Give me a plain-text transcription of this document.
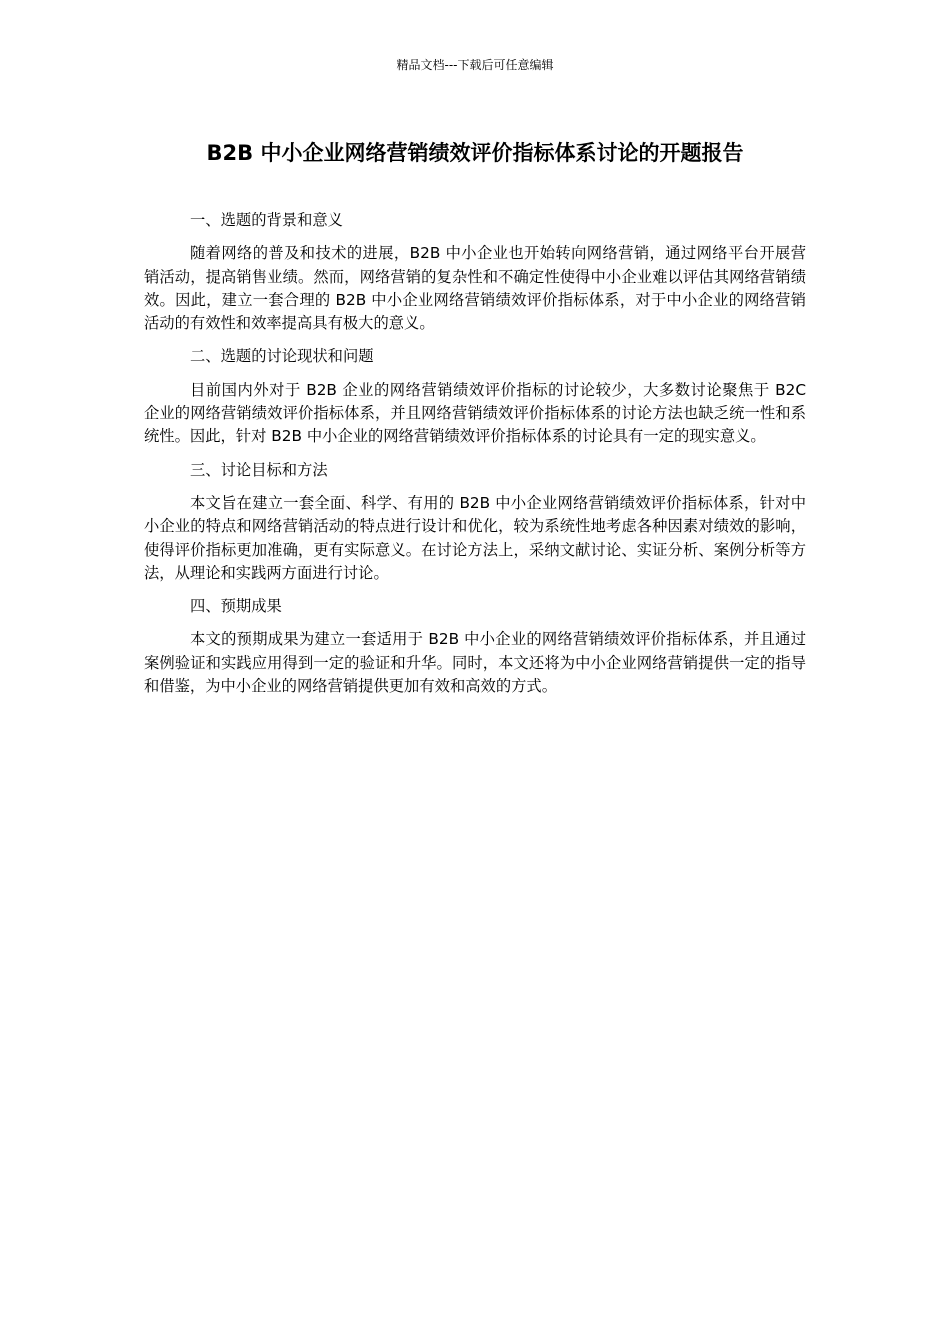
精品文档---下载后可任意编辑
B2B 中小企业网络营销绩效评价指标体系讨论的开题报告

一、选题的背景和意义

随着网络的普及和技术的进展，B2B 中小企业也开始转向网络营销，通过网络平台开展营销活动，提高销售业绩。然而，网络营销的复杂性和不确定性使得中小企业难以评估其网络营销绩效。因此，建立一套合理的 B2B 中小企业网络营销绩效评价指标体系，对于中小企业的网络营销活动的有效性和效率提高具有极大的意义。

二、选题的讨论现状和问题

目前国内外对于 B2B 企业的网络营销绩效评价指标的讨论较少，大多数讨论聚焦于 B2C 企业的网络营销绩效评价指标体系，并且网络营销绩效评价指标体系的讨论方法也缺乏统一性和系统性。因此，针对 B2B 中小企业的网络营销绩效评价指标体系的讨论具有一定的现实意义。

三、讨论目标和方法

本文旨在建立一套全面、科学、有用的 B2B 中小企业网络营销绩效评价指标体系，针对中小企业的特点和网络营销活动的特点进行设计和优化，较为系统性地考虑各种因素对绩效的影响，使得评价指标更加准确，更有实际意义。在讨论方法上，采纳文献讨论、实证分析、案例分析等方法，从理论和实践两方面进行讨论。

四、预期成果

本文的预期成果为建立一套适用于 B2B 中小企业的网络营销绩效评价指标体系，并且通过案例验证和实践应用得到一定的验证和升华。同时，本文还将为中小企业网络营销提供一定的指导和借鉴，为中小企业的网络营销提供更加有效和高效的方式。
